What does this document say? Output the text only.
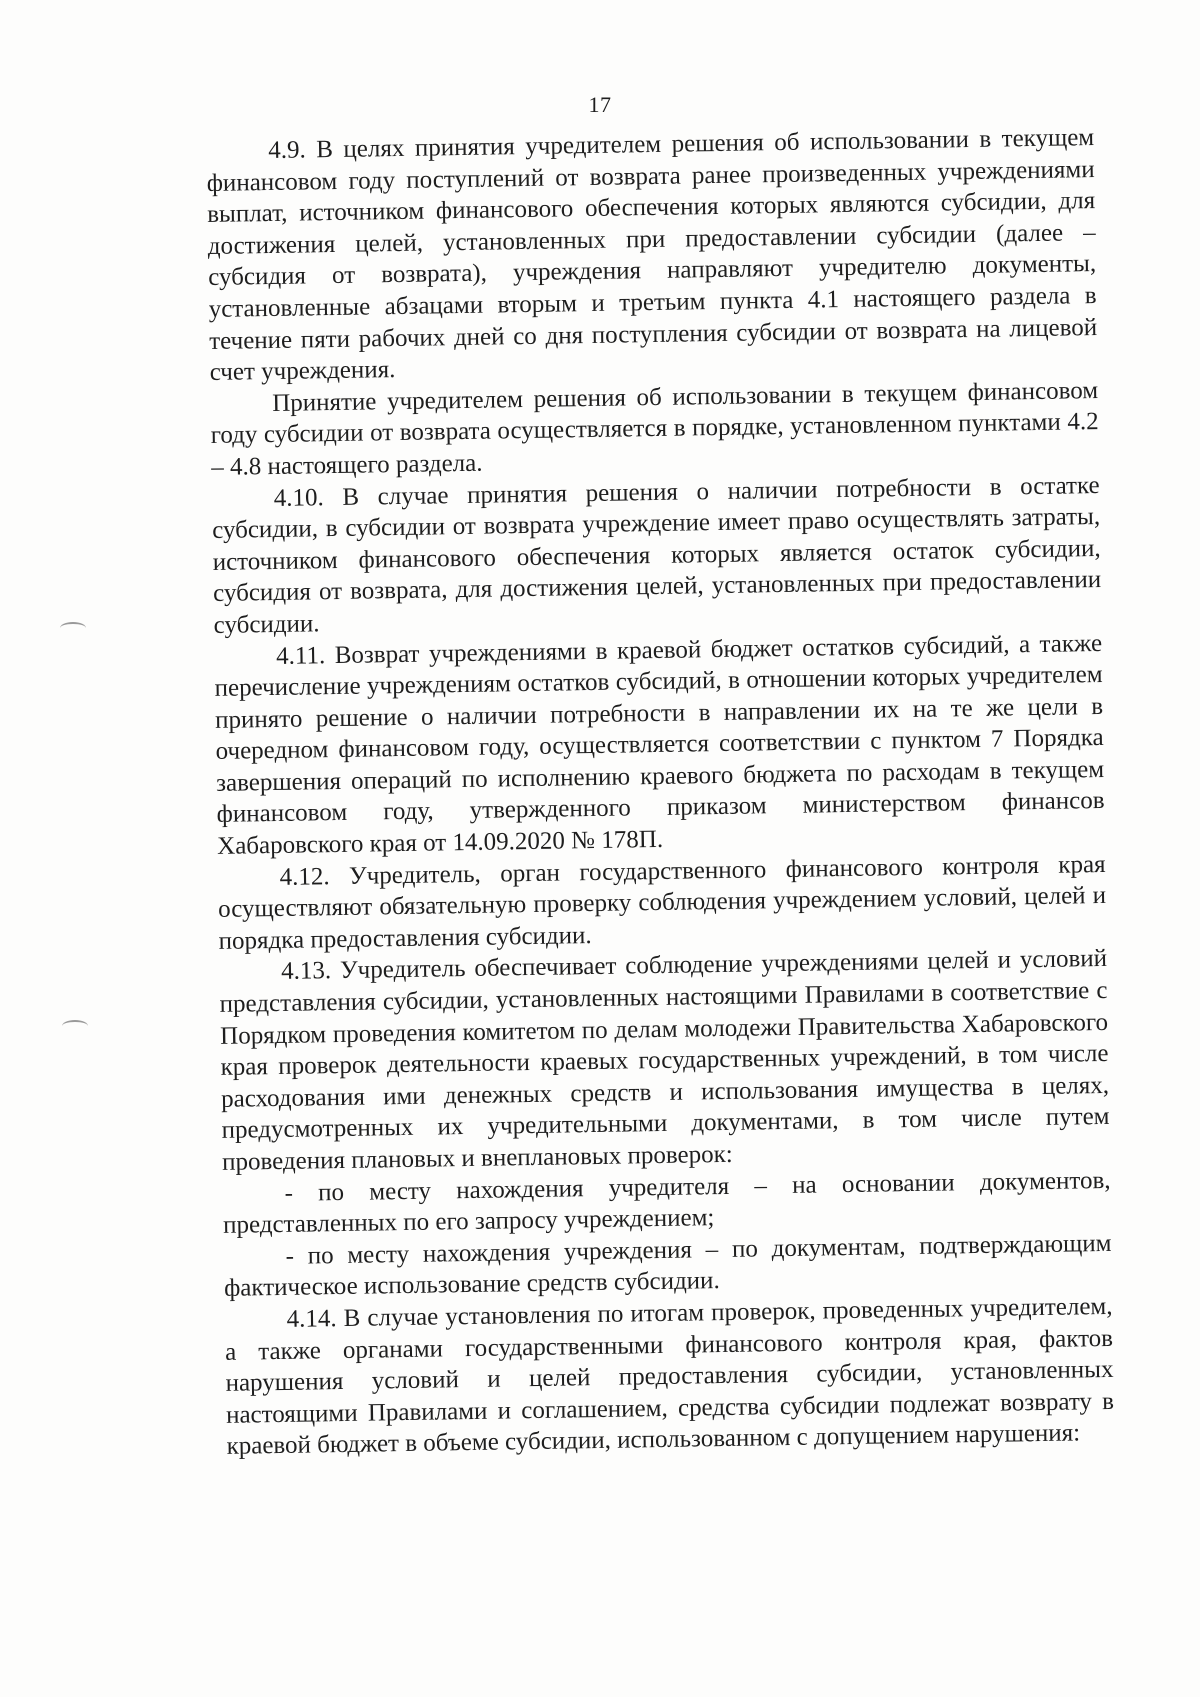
17

4.9. В целях принятия учредителем решения об использовании в текущем финансовом году поступлений от возврата ранее произведенных учреждениями выплат, источником финансового обеспечения которых являются субсидии, для достижения целей, установленных при предоставлении субсидии (далее – субсидия от возврата), учреждения направляют учредителю документы, установленные абзацами вторым и третьим пункта 4.1 настоящего раздела в течение пяти рабочих дней со дня поступления субсидии от возврата на лицевой счет учреждения.

Принятие учредителем решения об использовании в текущем финансовом году субсидии от возврата осуществляется в порядке, установленном пунктами 4.2 – 4.8 настоящего раздела.

4.10. В случае принятия решения о наличии потребности в остатке субсидии, в субсидии от возврата учреждение имеет право осуществлять затраты, источником финансового обеспечения которых является остаток субсидии, субсидия от возврата, для достижения целей, установленных при предоставлении субсидии.

4.11. Возврат учреждениями в краевой бюджет остатков субсидий, а также перечисление учреждениям остатков субсидий, в отношении которых учредителем принято решение о наличии потребности в направлении их на те же цели в очередном финансовом году, осуществляется соответствии с пунктом 7 Порядка завершения операций по исполнению краевого бюджета по расходам в текущем финансовом году, утвержденного приказом министерством финансов Хабаровского края от 14.09.2020 № 178П.

4.12. Учредитель, орган государственного финансового контроля края осуществляют обязательную проверку соблюдения учреждением условий, целей и порядка предоставления субсидии.

4.13. Учредитель обеспечивает соблюдение учреждениями целей и условий представления субсидии, установленных настоящими Правилами в соответствие с Порядком проведения комитетом по делам молодежи Правительства Хабаровского края проверок деятельности краевых государственных учреждений, в том числе расходования ими денежных средств и использования имущества в целях, предусмотренных их учредительными документами, в том числе путем проведения плановых и внеплановых проверок:

- по месту нахождения учредителя – на основании документов, представленных по его запросу учреждением;

- по месту нахождения учреждения – по документам, подтверждающим фактическое использование средств субсидии.

4.14. В случае установления по итогам проверок, проведенных учредителем, а также органами государственными финансового контроля края, фактов нарушения условий и целей предоставления субсидии, установленных настоящими Правилами и соглашением, средства субсидии подлежат возврату в краевой бюджет в объеме субсидии, использованном с допущением нарушения:
